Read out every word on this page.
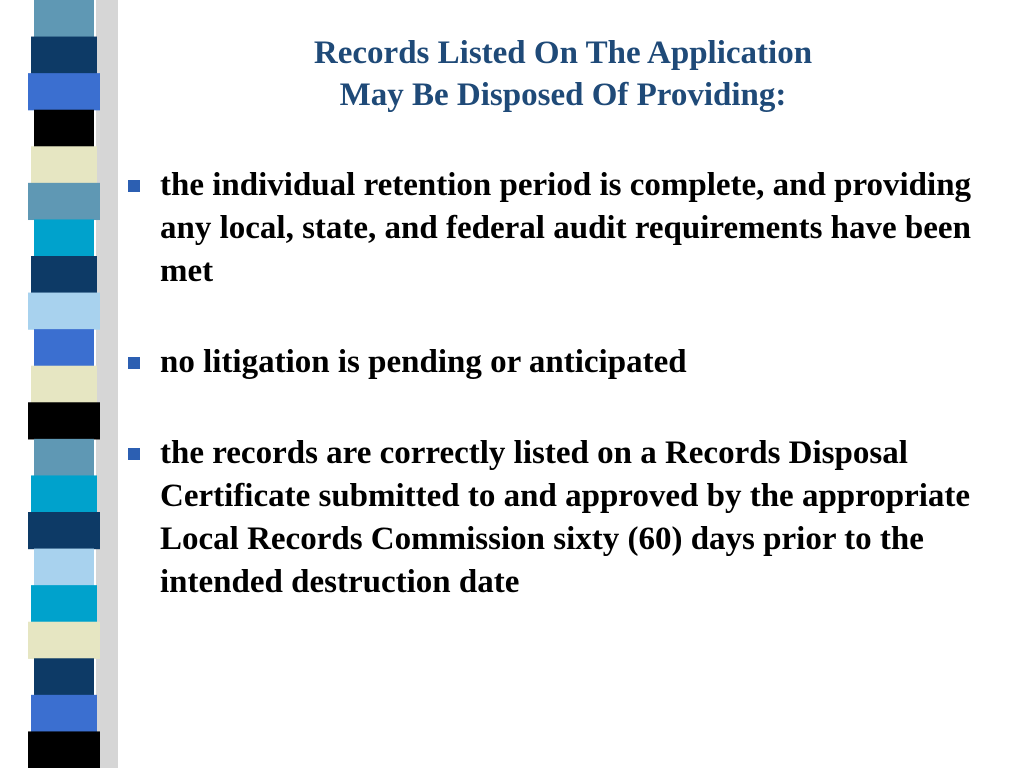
Records Listed On The Application
May Be Disposed Of Providing:
the individual retention period is complete, and providing any local, state, and federal audit requirements have been met
no litigation is pending or anticipated
the records are correctly listed on a Records Disposal Certificate submitted to and approved by the appropriate Local Records Commission sixty (60) days prior to the intended destruction date
